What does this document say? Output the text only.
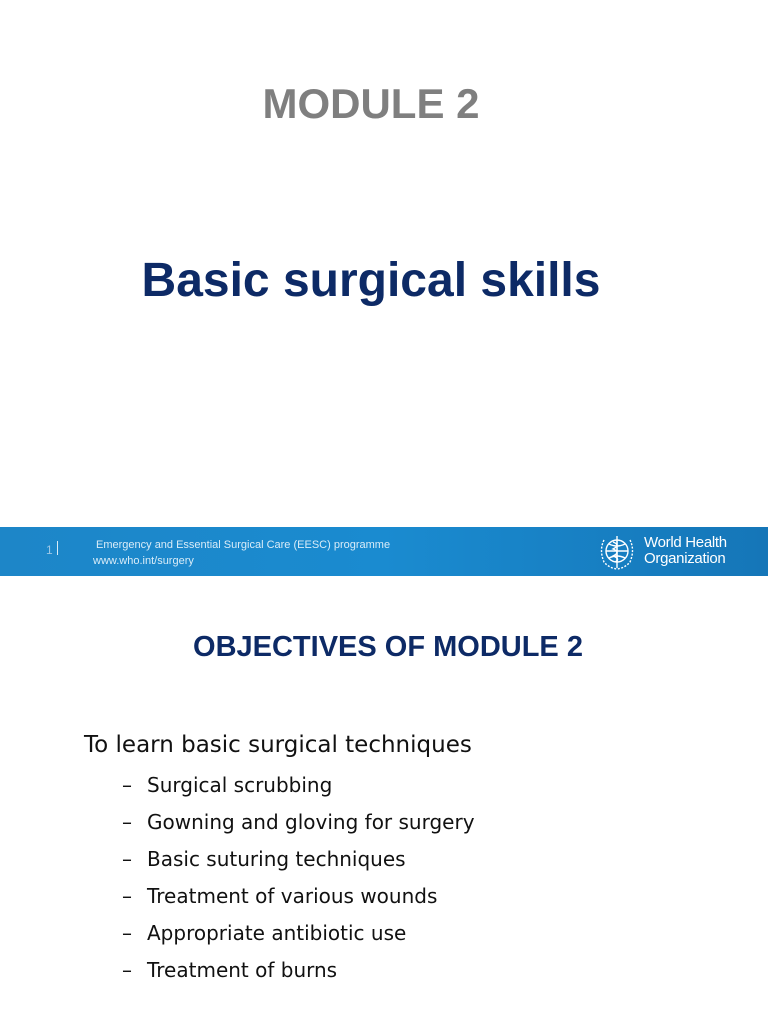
MODULE 2
Basic surgical skills
1	Emergency and Essential Surgical Care (EESC) programme
www.who.int/surgery
World Health
Organization
OBJECTIVES OF MODULE 2
To learn basic surgical techniques
– Surgical scrubbing
– Gowning and gloving for surgery
– Basic suturing techniques
– Treatment of various wounds
– Appropriate antibiotic use
– Treatment of burns
